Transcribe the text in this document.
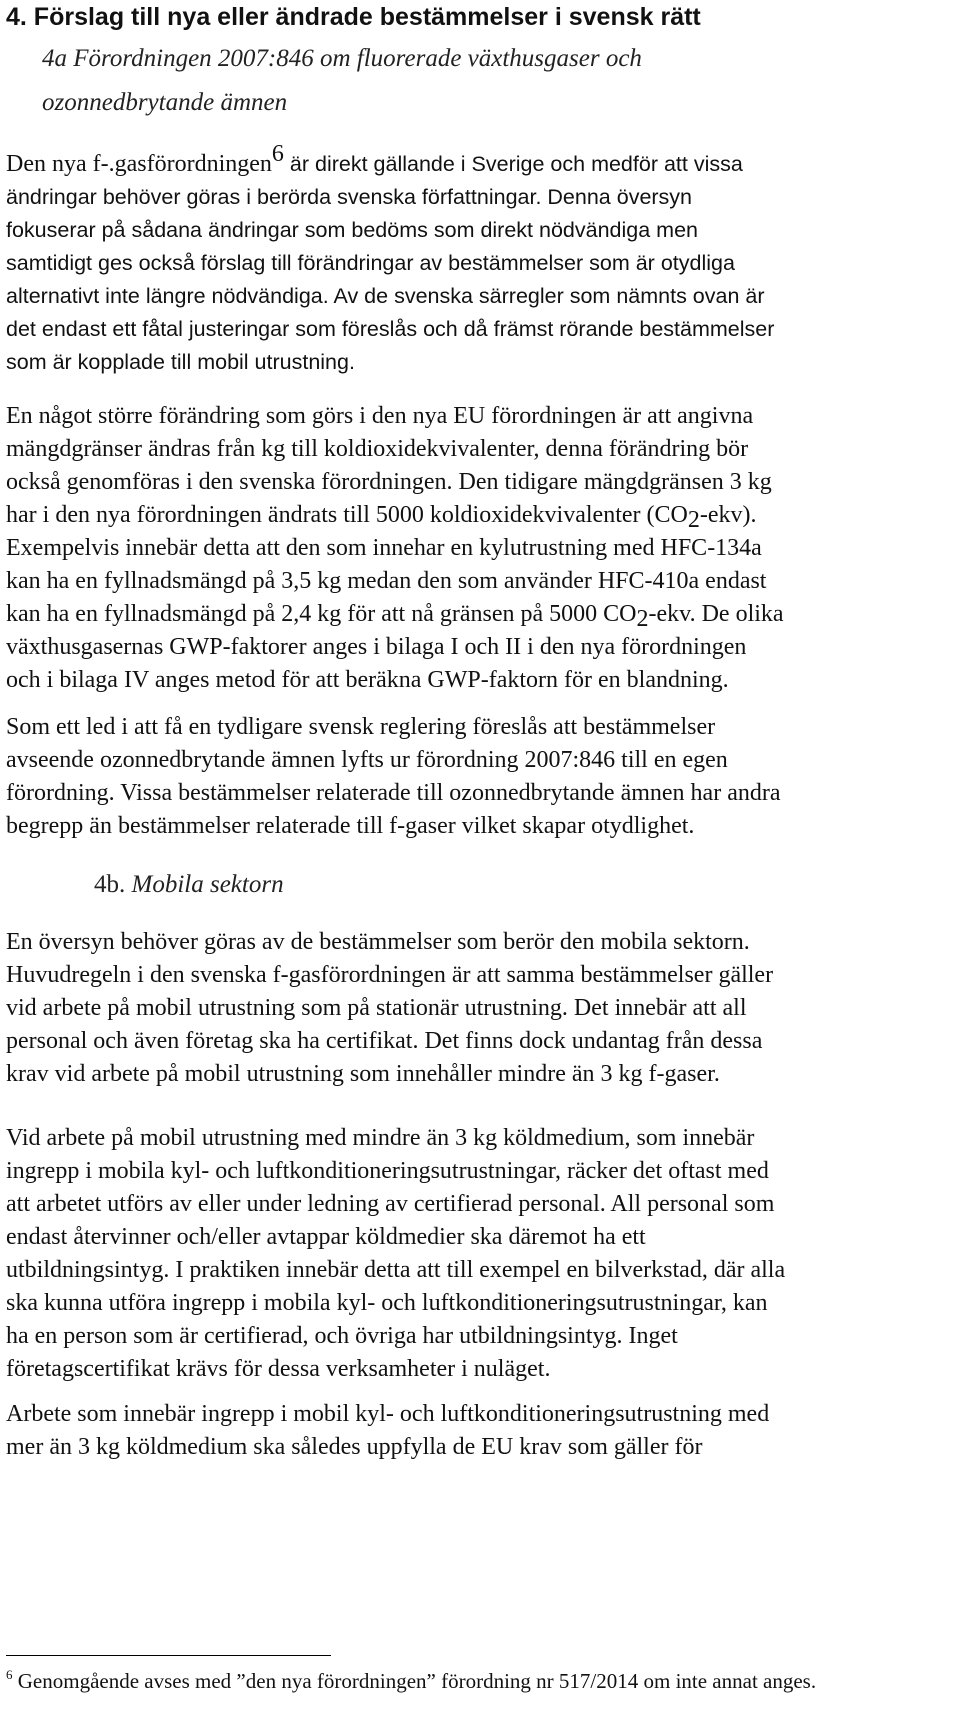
4. Förslag till nya eller ändrade bestämmelser i svensk rätt
4a Förordningen 2007:846 om fluorerade växthusgaser och
ozonnedbrytande ämnen
Den nya f-.gasförordningen$^6$ är direkt gällande i Sverige och medför att vissa
ändringar behöver göras i berörda svenska författningar. Denna översyn
fokuserar på sådana ändringar som bedöms som direkt nödvändiga men
samtidigt ges också förslag till förändringar av bestämmelser som är otydliga
alternativt inte längre nödvändiga. Av de svenska särregler som nämnts ovan är
det endast ett fåtal justeringar som föreslås och då främst rörande bestämmelser
som är kopplade till mobil utrustning.
En något större förändring som görs i den nya EU förordningen är att angivna
mängdgränser ändras från kg till koldioxidekvivalenter, denna förändring bör
också genomföras i den svenska förordningen. Den tidigare mängdgränsen 3 kg
har i den nya förordningen ändrats till 5000 koldioxidekvivalenter $(CO_2-ekv)$.
Exempelvis innebär detta att den som innehar en kylutrustning med HFC-134a
kan ha en fyllnadsmängd på 3,5 kg medan den som använder HFC-410a endast
kan ha en fyllnadsmängd på 2,4 kg för att nå gränsen på 5000 $CO_2$-ekv. De olika
växthusgasernas GWP-faktorer anges i bilaga I och II i den nya förordningen
och i bilaga IV anges metod för att beräkna GWP-faktorn för en blandning.
Som ett led i att få en tydligare svensk reglering föreslås att bestämmelser
avseende ozonnedbrytande ämnen lyfts ur förordning 2007:846 till en egen
förordning. Vissa bestämmelser relaterade till ozonnedbrytande ämnen har andra
begrepp än bestämmelser relaterade till f-gaser vilket skapar otydlighet.
4b. Mobila sektorn
En översyn behöver göras av de bestämmelser som berör den mobila sektorn.
Huvudregeln i den svenska f-gasförordningen är att samma bestämmelser gäller
vid arbete på mobil utrustning som på stationär utrustning. Det innebär att all
personal och även företag ska ha certifikat. Det finns dock undantag från dessa
krav vid arbete på mobil utrustning som innehåller mindre än 3 kg f-gaser.
Vid arbete på mobil utrustning med mindre än 3 kg köldmedium, som innebär
ingrepp i mobila kyl- och luftkonditioneringsutrustningar, räcker det oftast med
att arbetet utförs av eller under ledning av certifierad personal. All personal som
endast återvinner och/eller avtappar köldmedier ska däremot ha ett
utbildningsintyg. I praktiken innebär detta att till exempel en bilverkstad, där alla
ska kunna utföra ingrepp i mobila kyl- och luftkonditioneringsutrustningar, kan
ha en person som är certifierad, och övriga har utbildningsintyg. Inget
företagscertifikat krävs för dessa verksamheter i nuläget.
Arbete som innebär ingrepp i mobil kyl- och luftkonditioneringsutrustning med
mer än 3 kg köldmedium ska således uppfylla de EU krav som gäller för
$^6$ Genomgående avses med ”den nya förordningen” förordning nr 517/2014 om inte annat anges.
